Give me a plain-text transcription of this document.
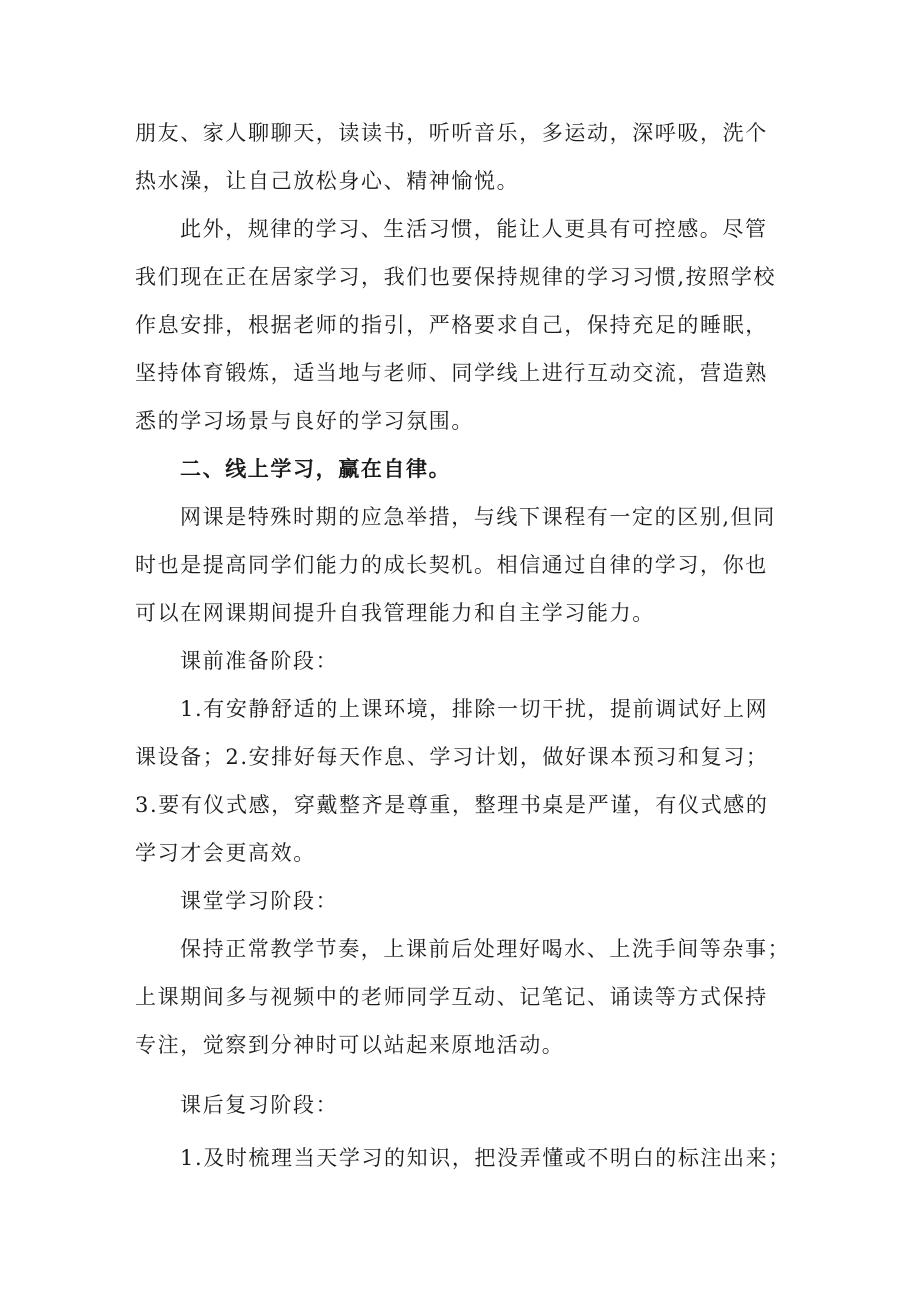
朋友、家人聊聊天，读读书，听听音乐，多运动，深呼吸，洗个
热水澡，让自己放松身心、精神愉悦。
此外，规律的学习、生活习惯，能让人更具有可控感。尽管
我们现在正在居家学习，我们也要保持规律的学习习惯,按照学校
作息安排，根据老师的指引，严格要求自己，保持充足的睡眠，
坚持体育锻炼，适当地与老师、同学线上进行互动交流，营造熟
悉的学习场景与良好的学习氛围。
二、线上学习，赢在自律。
网课是特殊时期的应急举措，与线下课程有一定的区别,但同
时也是提高同学们能力的成长契机。相信通过自律的学习，你也
可以在网课期间提升自我管理能力和自主学习能力。
课前准备阶段：
1.有安静舒适的上课环境，排除一切干扰，提前调试好上网
课设备；2.安排好每天作息、学习计划，做好课本预习和复习；
3.要有仪式感，穿戴整齐是尊重，整理书桌是严谨，有仪式感的
学习才会更高效。
课堂学习阶段：
保持正常教学节奏，上课前后处理好喝水、上洗手间等杂事；
上课期间多与视频中的老师同学互动、记笔记、诵读等方式保持
专注，觉察到分神时可以站起来原地活动。
课后复习阶段：
1.及时梳理当天学习的知识，把没弄懂或不明白的标注出来；
